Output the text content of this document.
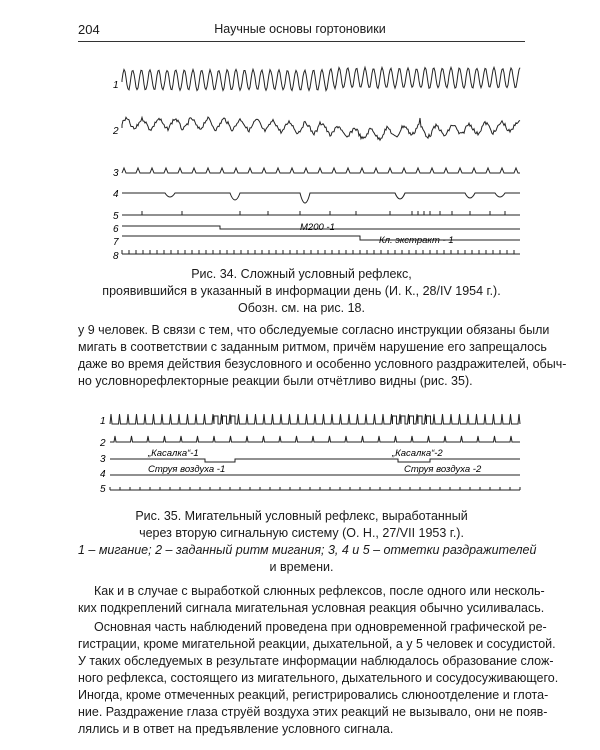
204	Научные основы гортоновики
1
2
3
4
5
6
7
8
M200 -1
Кл. экстракт - 1
Рис. 34. Сложный условный рефлекс,
проявившийся в указанный в информации день (И. К., 28/IV 1954 г.).
Обозн. см. на рис. 18.
у 9 человек. В связи с тем, что обследуемые согласно инструкции обязаны были
мигать в соответствии с заданным ритмом, причём нарушение его запрещалось
даже во время действия безусловного и особенно условного раздражителей, обыч-
но условнорефлекторные реакции были отчётливо видны (рис. 35).
1
2
3
4
5
„Касалка“-1	„Касалка“-2
Струя воздуха -1	Струя воздуха -2
Рис. 35. Мигательный условный рефлекс, выработанный
через вторую сигнальную систему (О. Н., 27/VII 1953 г.).
1 – мигание; 2 – заданный ритм мигания; 3, 4 и 5 – отметки раздражителей
и времени.
Как и в случае с выработкой слюнных рефлексов, после одного или несколь-
ких подкреплений сигнала мигательная условная реакция обычно усиливалась.
Основная часть наблюдений проведена при одновременной графической ре-
гистрации, кроме мигательной реакции, дыхательной, а у 5 человек и сосудистой.
У таких обследуемых в результате информации наблюдалось образование слож-
ного рефлекса, состоящего из мигательного, дыхательного и сосудосуживающего.
Иногда, кроме отмеченных реакций, регистрировались слюноотделение и глота-
ние. Раздражение глаза струёй воздуха этих реакций не вызывало, они не появ-
лялись и в ответ на предъявление условного сигнала.
